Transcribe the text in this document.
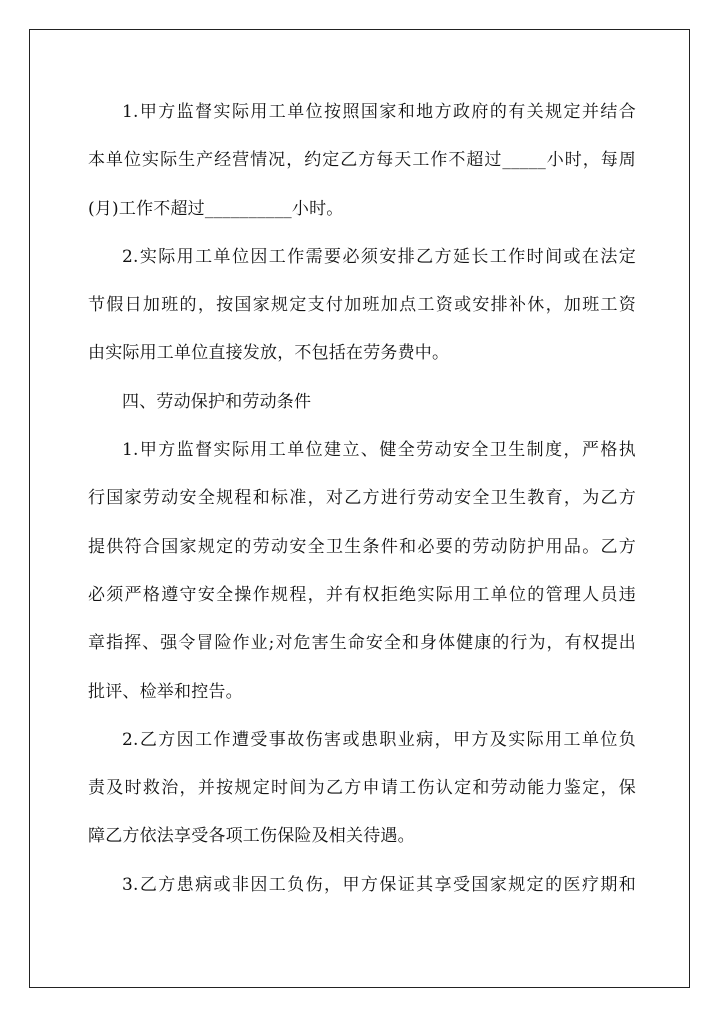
1.甲方监督实际用工单位按照国家和地方政府的有关规定并结合
本单位实际生产经营情况，约定乙方每天工作不超过_____小时，每周
(月)工作不超过__________小时。
2.实际用工单位因工作需要必须安排乙方延长工作时间或在法定
节假日加班的，按国家规定支付加班加点工资或安排补休，加班工资
由实际用工单位直接发放，不包括在劳务费中。
四、劳动保护和劳动条件
1.甲方监督实际用工单位建立、健全劳动安全卫生制度，严格执
行国家劳动安全规程和标准，对乙方进行劳动安全卫生教育，为乙方
提供符合国家规定的劳动安全卫生条件和必要的劳动防护用品。乙方
必须严格遵守安全操作规程，并有权拒绝实际用工单位的管理人员违
章指挥、强令冒险作业;对危害生命安全和身体健康的行为，有权提出
批评、检举和控告。
2.乙方因工作遭受事故伤害或患职业病，甲方及实际用工单位负
责及时救治，并按规定时间为乙方申请工伤认定和劳动能力鉴定，保
障乙方依法享受各项工伤保险及相关待遇。
3.乙方患病或非因工负伤，甲方保证其享受国家规定的医疗期和
